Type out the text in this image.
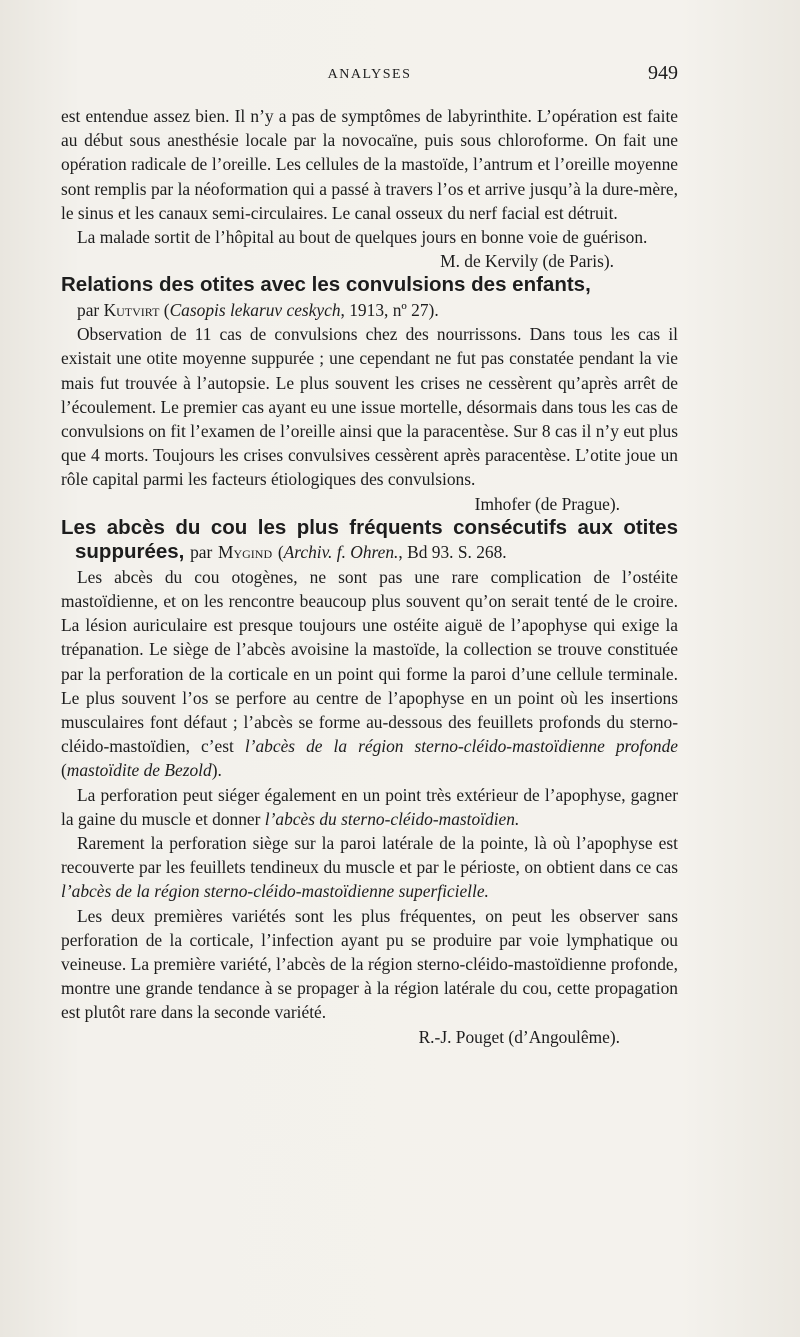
ANALYSES	949

est entendue assez bien. Il n’y a pas de symptômes de labyrinthite. L’opération est faite au début sous anesthésie locale par la novocaïne, puis sous chloroforme. On fait une opération radicale de l’oreille. Les cellules de la mastoïde, l’antrum et l’oreille moyenne sont remplis par la néoformation qui a passé à travers l’os et arrive jusqu’à la dure-mère, le sinus et les canaux semi-circulaires. Le canal osseux du nerf facial est détruit.

La malade sortit de l’hôpital au bout de quelques jours en bonne voie de guérison.
M. de Kervily (de Paris).

Relations des otites avec les convulsions des enfants,

par Kutvirt (Casopis lekaruv ceskych, 1913, nº 27).

Observation de 11 cas de convulsions chez des nourrissons. Dans tous les cas il existait une otite moyenne suppurée ; une cependant ne fut pas constatée pendant la vie mais fut trouvée à l’autopsie. Le plus souvent les crises ne cessèrent qu’après arrêt de l’écoulement. Le premier cas ayant eu une issue mortelle, désormais dans tous les cas de convulsions on fit l’examen de l’oreille ainsi que la paracentèse. Sur 8 cas il n’y eut plus que 4 morts. Toujours les crises convulsives cessèrent après paracentèse. L’otite joue un rôle capital parmi les facteurs étiologiques des convulsions.

Imhofer (de Prague).

Les abcès du cou les plus fréquents consécutifs aux otites suppurées, par Mygind (Archiv. f. Ohren., Bd 93. S. 268.

Les abcès du cou otogènes, ne sont pas une rare complication de l’ostéite mastoïdienne, et on les rencontre beaucoup plus souvent qu’on serait tenté de le croire. La lésion auriculaire est presque toujours une ostéite aiguë de l’apophyse qui exige la trépanation. Le siège de l’abcès avoisine la mastoïde, la collection se trouve constituée par la perforation de la corticale en un point qui forme la paroi d’une cellule terminale. Le plus souvent l’os se perfore au centre de l’apophyse en un point où les insertions musculaires font défaut ; l’abcès se forme au-dessous des feuillets profonds du sterno-cléido-mastoïdien, c’est l’abcès de la région sterno-cléido-mastoïdienne profonde (mastoïdite de Bezold).

La perforation peut siéger également en un point très extérieur de l’apophyse, gagner la gaine du muscle et donner l’abcès du sterno-cléido-mastoïdien.

Rarement la perforation siège sur la paroi latérale de la pointe, là où l’apophyse est recouverte par les feuillets tendineux du muscle et par le périoste, on obtient dans ce cas l’abcès de la région sterno-cléido-mastoïdienne superficielle.

Les deux premières variétés sont les plus fréquentes, on peut les observer sans perforation de la corticale, l’infection ayant pu se produire par voie lymphatique ou veineuse. La première variété, l’abcès de la région sterno-cléido-mastoïdienne profonde, montre une grande tendance à se propager à la région latérale du cou, cette propagation est plutôt rare dans la seconde variété.

R.-J. Pouget (d’Angoulême).
